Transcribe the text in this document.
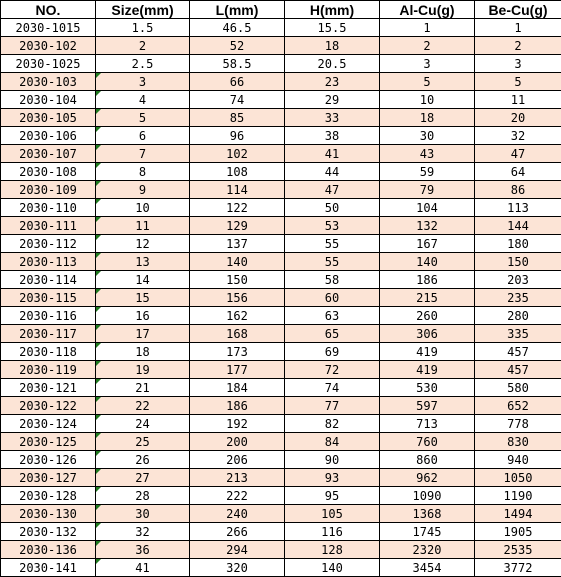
NO.	Size(mm)	L(mm)	H(mm)	Al-Cu(g)	Be-Cu(g)
2030-1015	1.5	46.5	15.5	1	1
2030-102	2	52	18	2	2
2030-1025	2.5	58.5	20.5	3	3
2030-103	3	66	23	5	5
2030-104	4	74	29	10	11
2030-105	5	85	33	18	20
2030-106	6	96	38	30	32
2030-107	7	102	41	43	47
2030-108	8	108	44	59	64
2030-109	9	114	47	79	86
2030-110	10	122	50	104	113
2030-111	11	129	53	132	144
2030-112	12	137	55	167	180
2030-113	13	140	55	140	150
2030-114	14	150	58	186	203
2030-115	15	156	60	215	235
2030-116	16	162	63	260	280
2030-117	17	168	65	306	335
2030-118	18	173	69	419	457
2030-119	19	177	72	419	457
2030-121	21	184	74	530	580
2030-122	22	186	77	597	652
2030-124	24	192	82	713	778
2030-125	25	200	84	760	830
2030-126	26	206	90	860	940
2030-127	27	213	93	962	1050
2030-128	28	222	95	1090	1190
2030-130	30	240	105	1368	1494
2030-132	32	266	116	1745	1905
2030-136	36	294	128	2320	2535
2030-141	41	320	140	3454	3772
